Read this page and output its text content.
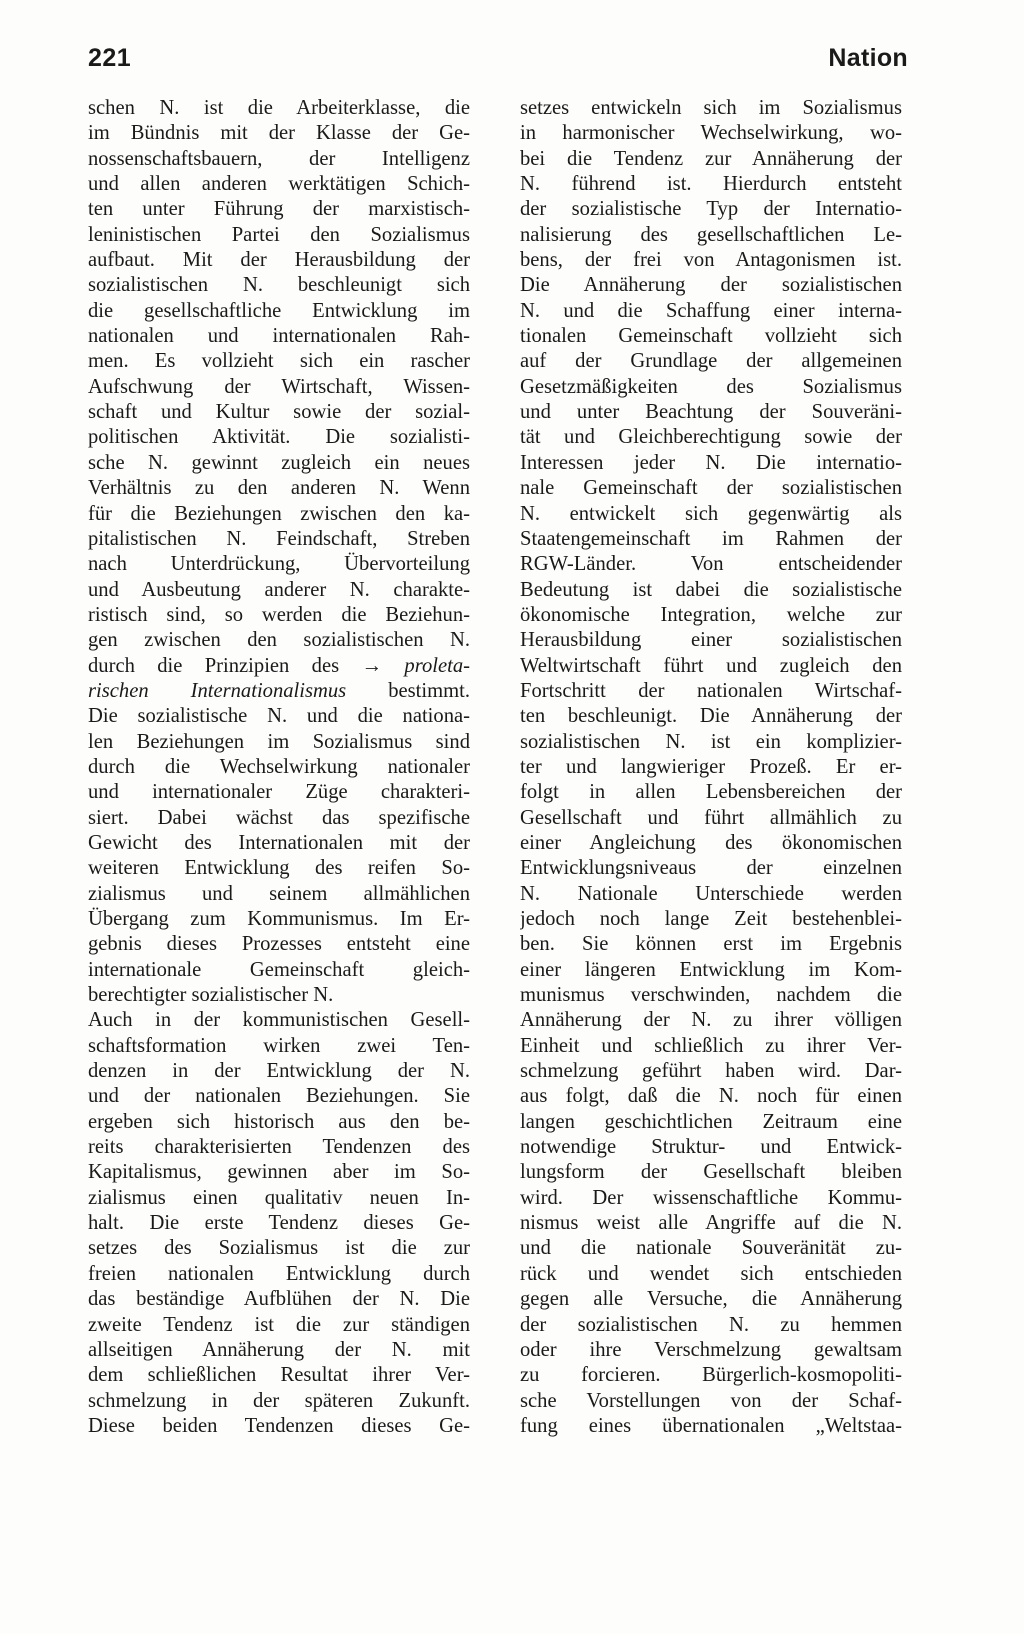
221	Nation
schen N. ist die Arbeiterklasse, die
im Bündnis mit der Klasse der Ge-
nossenschaftsbauern, der Intelligenz
und allen anderen werktätigen Schich-
ten unter Führung der marxistisch-
leninistischen Partei den Sozialismus
aufbaut. Mit der Herausbildung der
sozialistischen N. beschleunigt sich
die gesellschaftliche Entwicklung im
nationalen und internationalen Rah-
men. Es vollzieht sich ein rascher
Aufschwung der Wirtschaft, Wissen-
schaft und Kultur sowie der sozial-
politischen Aktivität. Die sozialisti-
sche N. gewinnt zugleich ein neues
Verhältnis zu den anderen N. Wenn
für die Beziehungen zwischen den ka-
pitalistischen N. Feindschaft, Streben
nach Unterdrückung, Übervorteilung
und Ausbeutung anderer N. charakte-
ristisch sind, so werden die Beziehun-
gen zwischen den sozialistischen N.
durch die Prinzipien des → proleta-
rischen Internationalismus bestimmt.
Die sozialistische N. und die nationa-
len Beziehungen im Sozialismus sind
durch die Wechselwirkung nationaler
und internationaler Züge charakteri-
siert. Dabei wächst das spezifische
Gewicht des Internationalen mit der
weiteren Entwicklung des reifen So-
zialismus und seinem allmählichen
Übergang zum Kommunismus. Im Er-
gebnis dieses Prozesses entsteht eine
internationale Gemeinschaft gleich-
berechtigter sozialistischer N.
Auch in der kommunistischen Gesell-
schaftsformation wirken zwei Ten-
denzen in der Entwicklung der N.
und der nationalen Beziehungen. Sie
ergeben sich historisch aus den be-
reits charakterisierten Tendenzen des
Kapitalismus, gewinnen aber im So-
zialismus einen qualitativ neuen In-
halt. Die erste Tendenz dieses Ge-
setzes des Sozialismus ist die zur
freien nationalen Entwicklung durch
das beständige Aufblühen der N. Die
zweite Tendenz ist die zur ständigen
allseitigen Annäherung der N. mit
dem schließlichen Resultat ihrer Ver-
schmelzung in der späteren Zukunft.
Diese beiden Tendenzen dieses Ge-
setzes entwickeln sich im Sozialismus
in harmonischer Wechselwirkung, wo-
bei die Tendenz zur Annäherung der
N. führend ist. Hierdurch entsteht
der sozialistische Typ der Internatio-
nalisierung des gesellschaftlichen Le-
bens, der frei von Antagonismen ist.
Die Annäherung der sozialistischen
N. und die Schaffung einer interna-
tionalen Gemeinschaft vollzieht sich
auf der Grundlage der allgemeinen
Gesetzmäßigkeiten des Sozialismus
und unter Beachtung der Souveräni-
tät und Gleichberechtigung sowie der
Interessen jeder N. Die internatio-
nale Gemeinschaft der sozialistischen
N. entwickelt sich gegenwärtig als
Staatengemeinschaft im Rahmen der
RGW-Länder. Von entscheidender
Bedeutung ist dabei die sozialistische
ökonomische Integration, welche zur
Herausbildung einer sozialistischen
Weltwirtschaft führt und zugleich den
Fortschritt der nationalen Wirtschaf-
ten beschleunigt. Die Annäherung der
sozialistischen N. ist ein komplizier-
ter und langwieriger Prozeß. Er er-
folgt in allen Lebensbereichen der
Gesellschaft und führt allmählich zu
einer Angleichung des ökonomischen
Entwicklungsniveaus der einzelnen
N. Nationale Unterschiede werden
jedoch noch lange Zeit bestehenblei-
ben. Sie können erst im Ergebnis
einer längeren Entwicklung im Kom-
munismus verschwinden, nachdem die
Annäherung der N. zu ihrer völligen
Einheit und schließlich zu ihrer Ver-
schmelzung geführt haben wird. Dar-
aus folgt, daß die N. noch für einen
langen geschichtlichen Zeitraum eine
notwendige Struktur- und Entwick-
lungsform der Gesellschaft bleiben
wird. Der wissenschaftliche Kommu-
nismus weist alle Angriffe auf die N.
und die nationale Souveränität zu-
rück und wendet sich entschieden
gegen alle Versuche, die Annäherung
der sozialistischen N. zu hemmen
oder ihre Verschmelzung gewaltsam
zu forcieren. Bürgerlich-kosmopoliti-
sche Vorstellungen von der Schaf-
fung eines übernationalen „Weltstaa-
